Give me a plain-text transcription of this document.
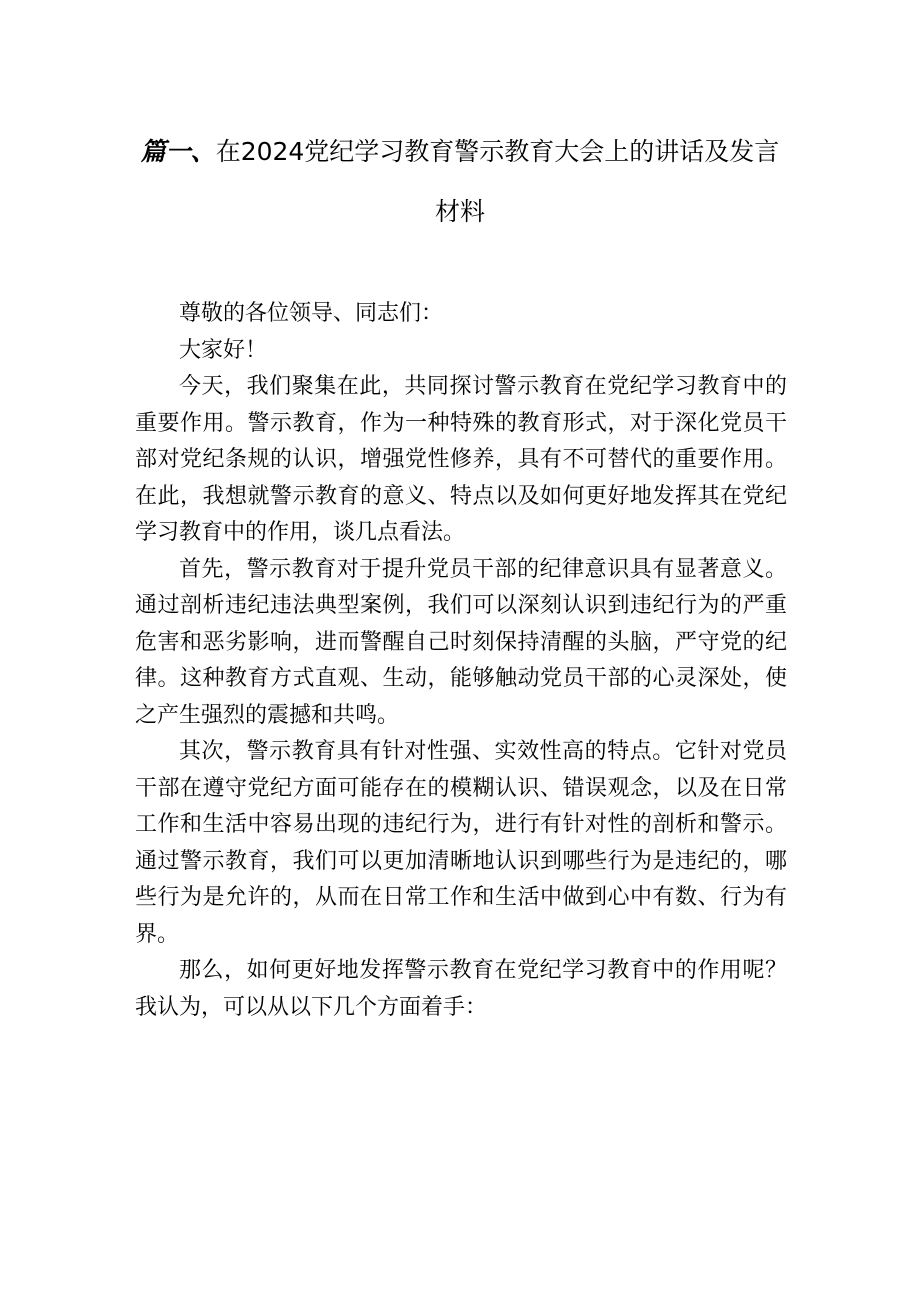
篇一、在2024党纪学习教育警示教育大会上的讲话及发言
材料

尊敬的各位领导、同志们：

大家好！

今天，我们聚集在此，共同探讨警示教育在党纪学习教育中的重要作用。警示教育，作为一种特殊的教育形式，对于深化党员干部对党纪条规的认识，增强党性修养，具有不可替代的重要作用。在此，我想就警示教育的意义、特点以及如何更好地发挥其在党纪学习教育中的作用，谈几点看法。

首先，警示教育对于提升党员干部的纪律意识具有显著意义。通过剖析违纪违法典型案例，我们可以深刻认识到违纪行为的严重危害和恶劣影响，进而警醒自己时刻保持清醒的头脑，严守党的纪律。这种教育方式直观、生动，能够触动党员干部的心灵深处，使之产生强烈的震撼和共鸣。

其次，警示教育具有针对性强、实效性高的特点。它针对党员干部在遵守党纪方面可能存在的模糊认识、错误观念，以及在日常工作和生活中容易出现的违纪行为，进行有针对性的剖析和警示。通过警示教育，我们可以更加清晰地认识到哪些行为是违纪的，哪些行为是允许的，从而在日常工作和生活中做到心中有数、行为有界。

那么，如何更好地发挥警示教育在党纪学习教育中的作用呢？我认为，可以从以下几个方面着手：
